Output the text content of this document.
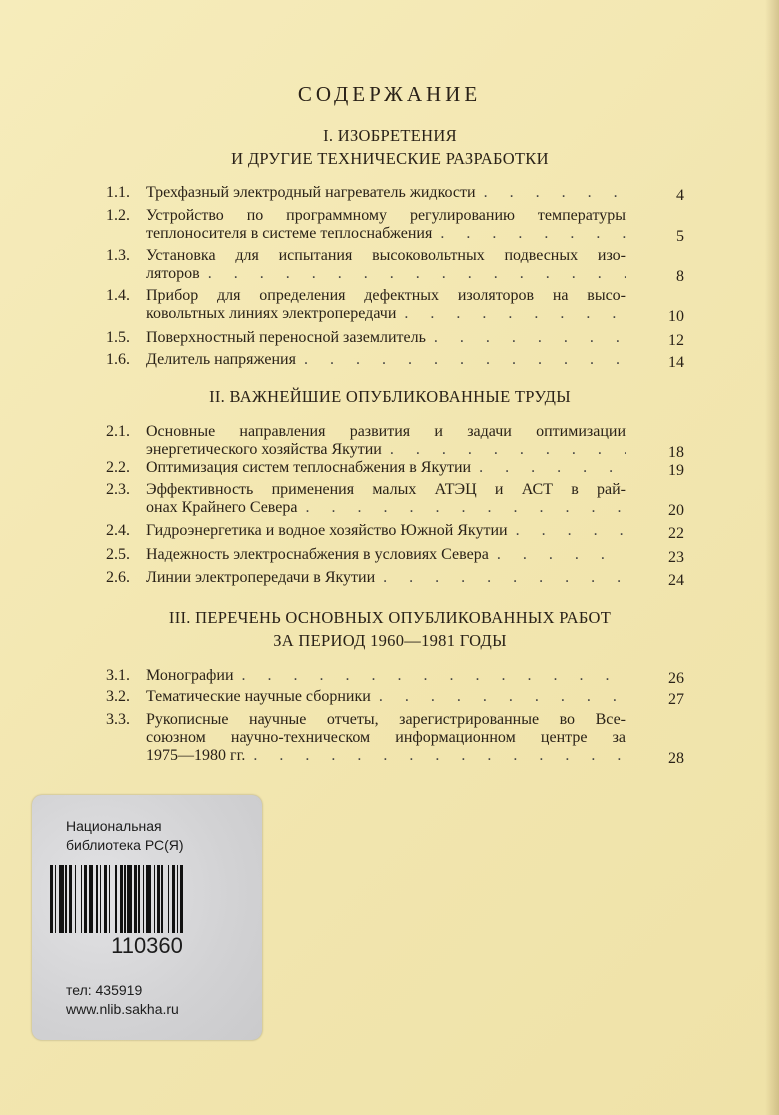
СОДЕРЖАНИЕ
I. ИЗОБРЕТЕНИЯ
И ДРУГИЕ ТЕХНИЧЕСКИЕ РАЗРАБОТКИ
1.1. Трехфазный электродный нагреватель жидкости . . .	4
1.2. Устройство по программному регулированию температуры
теплоносителя в системе теплоснабжения . . .	5
1.3. Установка для испытания высоковольтных подвесных изо-
ляторов . . .	8
1.4. Прибор для определения дефектных изоляторов на высо-
ковольтных линиях электропередачи . . .	10
1.5. Поверхностный переносной заземлитель . . .	12
1.6. Делитель напряжения . . .	14
II. ВАЖНЕЙШИЕ ОПУБЛИКОВАННЫЕ ТРУДЫ
2.1. Основные направления развития и задачи оптимизации
энергетического хозяйства Якутии . . .	18
2.2. Оптимизация систем теплоснабжения в Якутии . . .	19
2.3. Эффективность применения малых АТЭЦ и АСТ в рай-
онах Крайнего Севера . . .	20
2.4. Гидроэнергетика и водное хозяйство Южной Якутии . . .	22
2.5. Надежность электроснабжения в условиях Севера . . .	23
2.6. Линии электропередачи в Якутии . . .	24
III. ПЕРЕЧЕНЬ ОСНОВНЫХ ОПУБЛИКОВАННЫХ РАБОТ
ЗА ПЕРИОД 1960—1981 ГОДЫ
3.1. Монографии . . .	26
3.2. Тематические научные сборники . . .	27
3.3. Рукописные научные отчеты, зарегистрированные во Все-
союзном научно-техническом информационном центре за
1975—1980 гг. . . .	28
Национальная
библиотека РС(Я)
110360
тел: 435919
www.nlib.sakha.ru
